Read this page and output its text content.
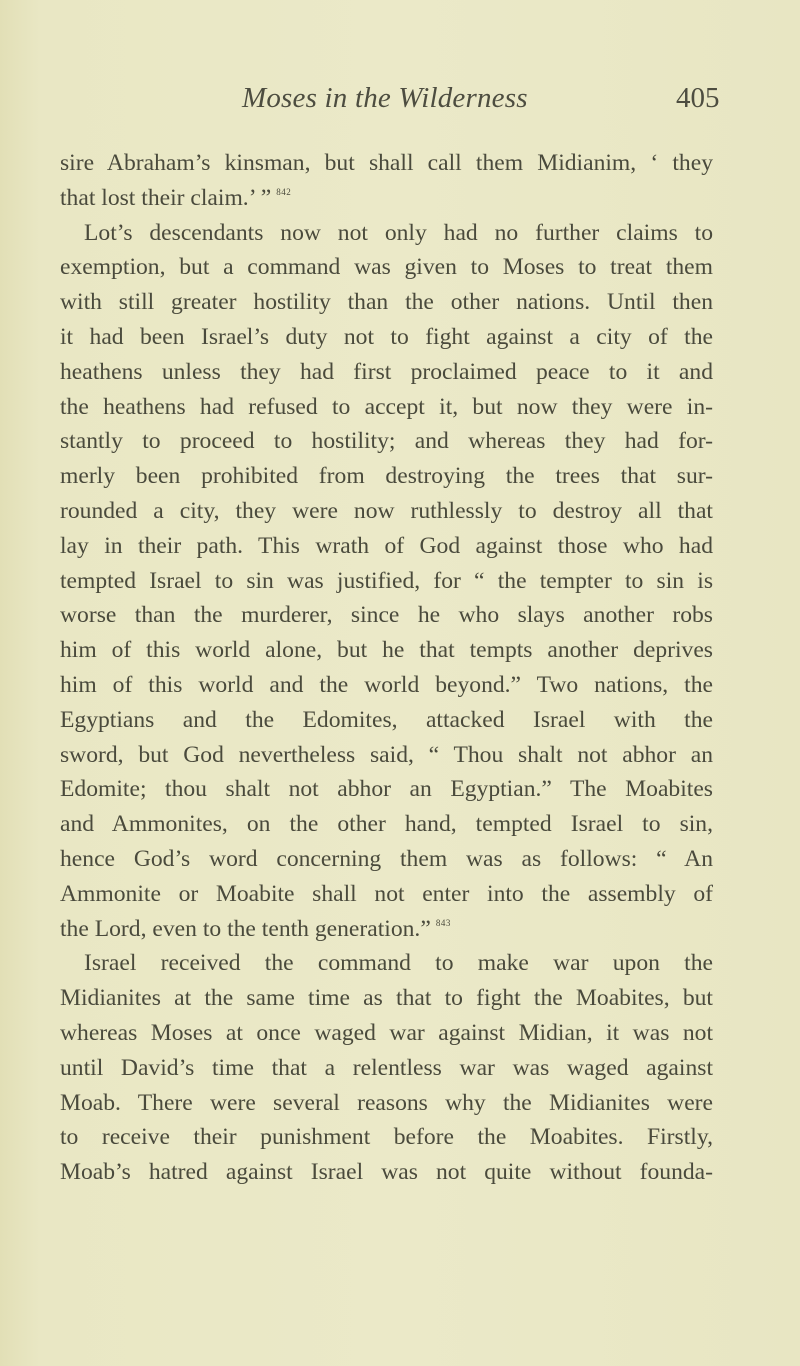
Moses in the Wilderness	405
sire Abraham’s kinsman, but shall call them Midianim, ‘ they
that lost their claim.’ ” $^{842}$
Lot’s descendants now not only had no further claims to
exemption, but a command was given to Moses to treat them
with still greater hostility than the other nations. Until then
it had been Israel’s duty not to fight against a city of the
heathens unless they had first proclaimed peace to it and
the heathens had refused to accept it, but now they were in-
stantly to proceed to hostility; and whereas they had for-
merly been prohibited from destroying the trees that sur-
rounded a city, they were now ruthlessly to destroy all that
lay in their path. This wrath of God against those who had
tempted Israel to sin was justified, for “ the tempter to sin is
worse than the murderer, since he who slays another robs
him of this world alone, but he that tempts another deprives
him of this world and the world beyond.” Two nations, the
Egyptians and the Edomites, attacked Israel with the
sword, but God nevertheless said, “ Thou shalt not abhor an
Edomite; thou shalt not abhor an Egyptian.” The Moabites
and Ammonites, on the other hand, tempted Israel to sin,
hence God’s word concerning them was as follows: “ An
Ammonite or Moabite shall not enter into the assembly of
the Lord, even to the tenth generation.” $^{843}$
Israel received the command to make war upon the
Midianites at the same time as that to fight the Moabites, but
whereas Moses at once waged war against Midian, it was not
until David’s time that a relentless war was waged against
Moab. There were several reasons why the Midianites were
to receive their punishment before the Moabites. Firstly,
Moab’s hatred against Israel was not quite without founda-
